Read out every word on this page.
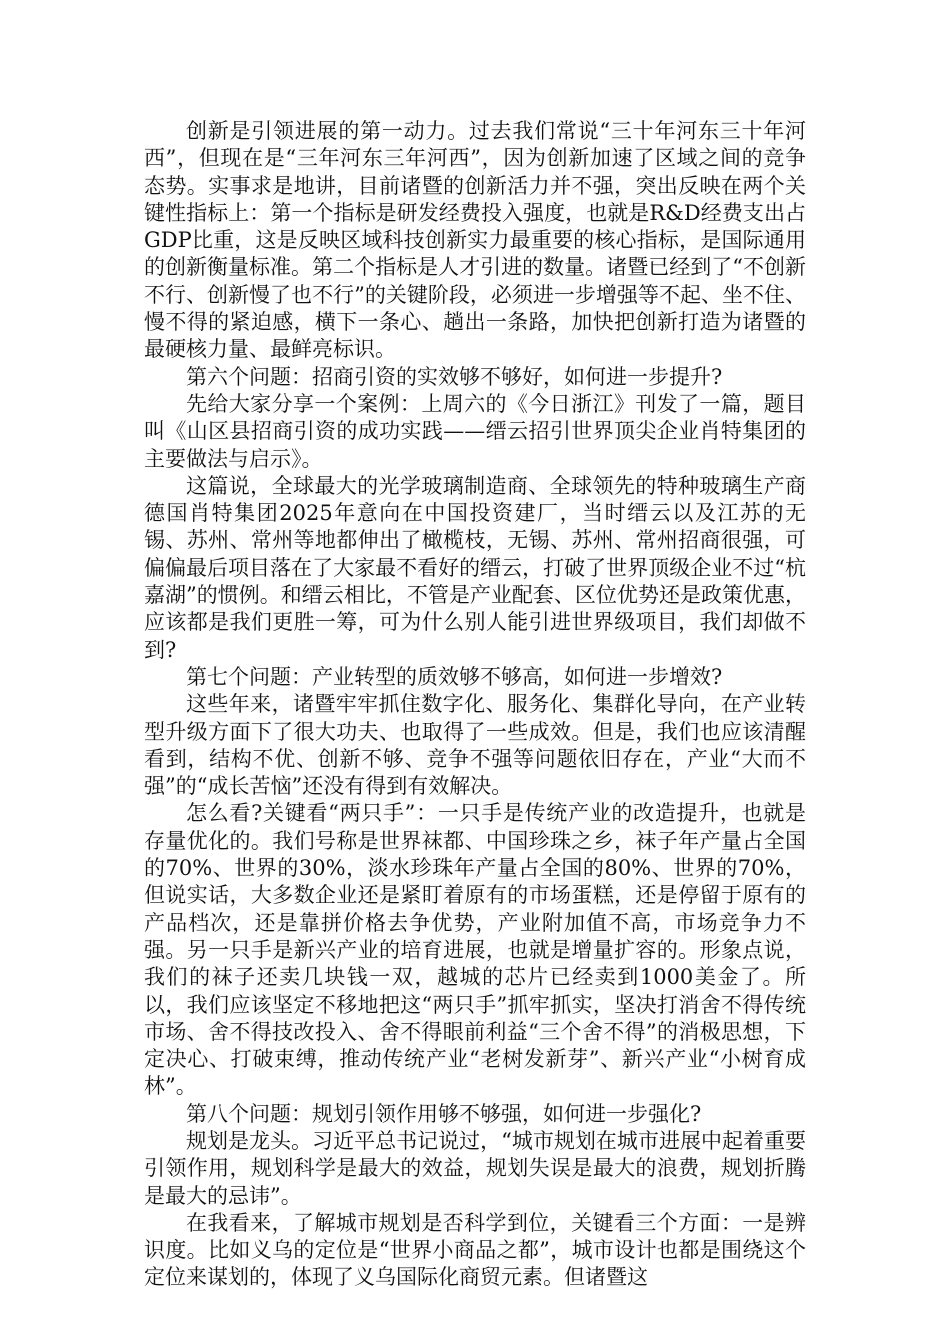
创新是引领进展的第一动力。过去我们常说“三十年河东三十年河西”，但现在是“三年河东三年河西”，因为创新加速了区域之间的竞争态势。实事求是地讲，目前诸暨的创新活力并不强，突出反映在两个关键性指标上：第一个指标是研发经费投入强度，也就是R&D经费支出占GDP比重，这是反映区域科技创新实力最重要的核心指标，是国际通用的创新衡量标准。第二个指标是人才引进的数量。诸暨已经到了“不创新不行、创新慢了也不行”的关键阶段，必须进一步增强等不起、坐不住、慢不得的紧迫感，横下一条心、趟出一条路，加快把创新打造为诸暨的最硬核力量、最鲜亮标识。

第六个问题：招商引资的实效够不够好，如何进一步提升?

先给大家分享一个案例：上周六的《今日浙江》刊发了一篇，题目叫《山区县招商引资的成功实践——缙云招引世界顶尖企业肖特集团的主要做法与启示》。

这篇说，全球最大的光学玻璃制造商、全球领先的特种玻璃生产商德国肖特集团2025年意向在中国投资建厂，当时缙云以及江苏的无锡、苏州、常州等地都伸出了橄榄枝，无锡、苏州、常州招商很强，可偏偏最后项目落在了大家最不看好的缙云，打破了世界顶级企业不过“杭嘉湖”的惯例。和缙云相比，不管是产业配套、区位优势还是政策优惠，应该都是我们更胜一筹，可为什么别人能引进世界级项目，我们却做不到?

第七个问题：产业转型的质效够不够高，如何进一步增效?

这些年来，诸暨牢牢抓住数字化、服务化、集群化导向，在产业转型升级方面下了很大功夫、也取得了一些成效。但是，我们也应该清醒看到，结构不优、创新不够、竞争不强等问题依旧存在，产业“大而不强”的“成长苦恼”还没有得到有效解决。

怎么看?关键看“两只手”：一只手是传统产业的改造提升，也就是存量优化的。我们号称是世界袜都、中国珍珠之乡，袜子年产量占全国的70%、世界的30%，淡水珍珠年产量占全国的80%、世界的70%，但说实话，大多数企业还是紧盯着原有的市场蛋糕，还是停留于原有的产品档次，还是靠拼价格去争优势，产业附加值不高，市场竞争力不强。另一只手是新兴产业的培育进展，也就是增量扩容的。形象点说，我们的袜子还卖几块钱一双，越城的芯片已经卖到1000美金了。所以，我们应该坚定不移地把这“两只手”抓牢抓实，坚决打消舍不得传统市场、舍不得技改投入、舍不得眼前利益“三个舍不得”的消极思想，下定决心、打破束缚，推动传统产业“老树发新芽”、新兴产业“小树育成林”。

第八个问题：规划引领作用够不够强，如何进一步强化?

规划是龙头。习近平总书记说过，“城市规划在城市进展中起着重要引领作用，规划科学是最大的效益，规划失误是最大的浪费，规划折腾是最大的忌讳”。

在我看来，了解城市规划是否科学到位，关键看三个方面：一是辨识度。比如义乌的定位是“世界小商品之都”，城市设计也都是围绕这个定位来谋划的，体现了义乌国际化商贸元素。但诸暨这
